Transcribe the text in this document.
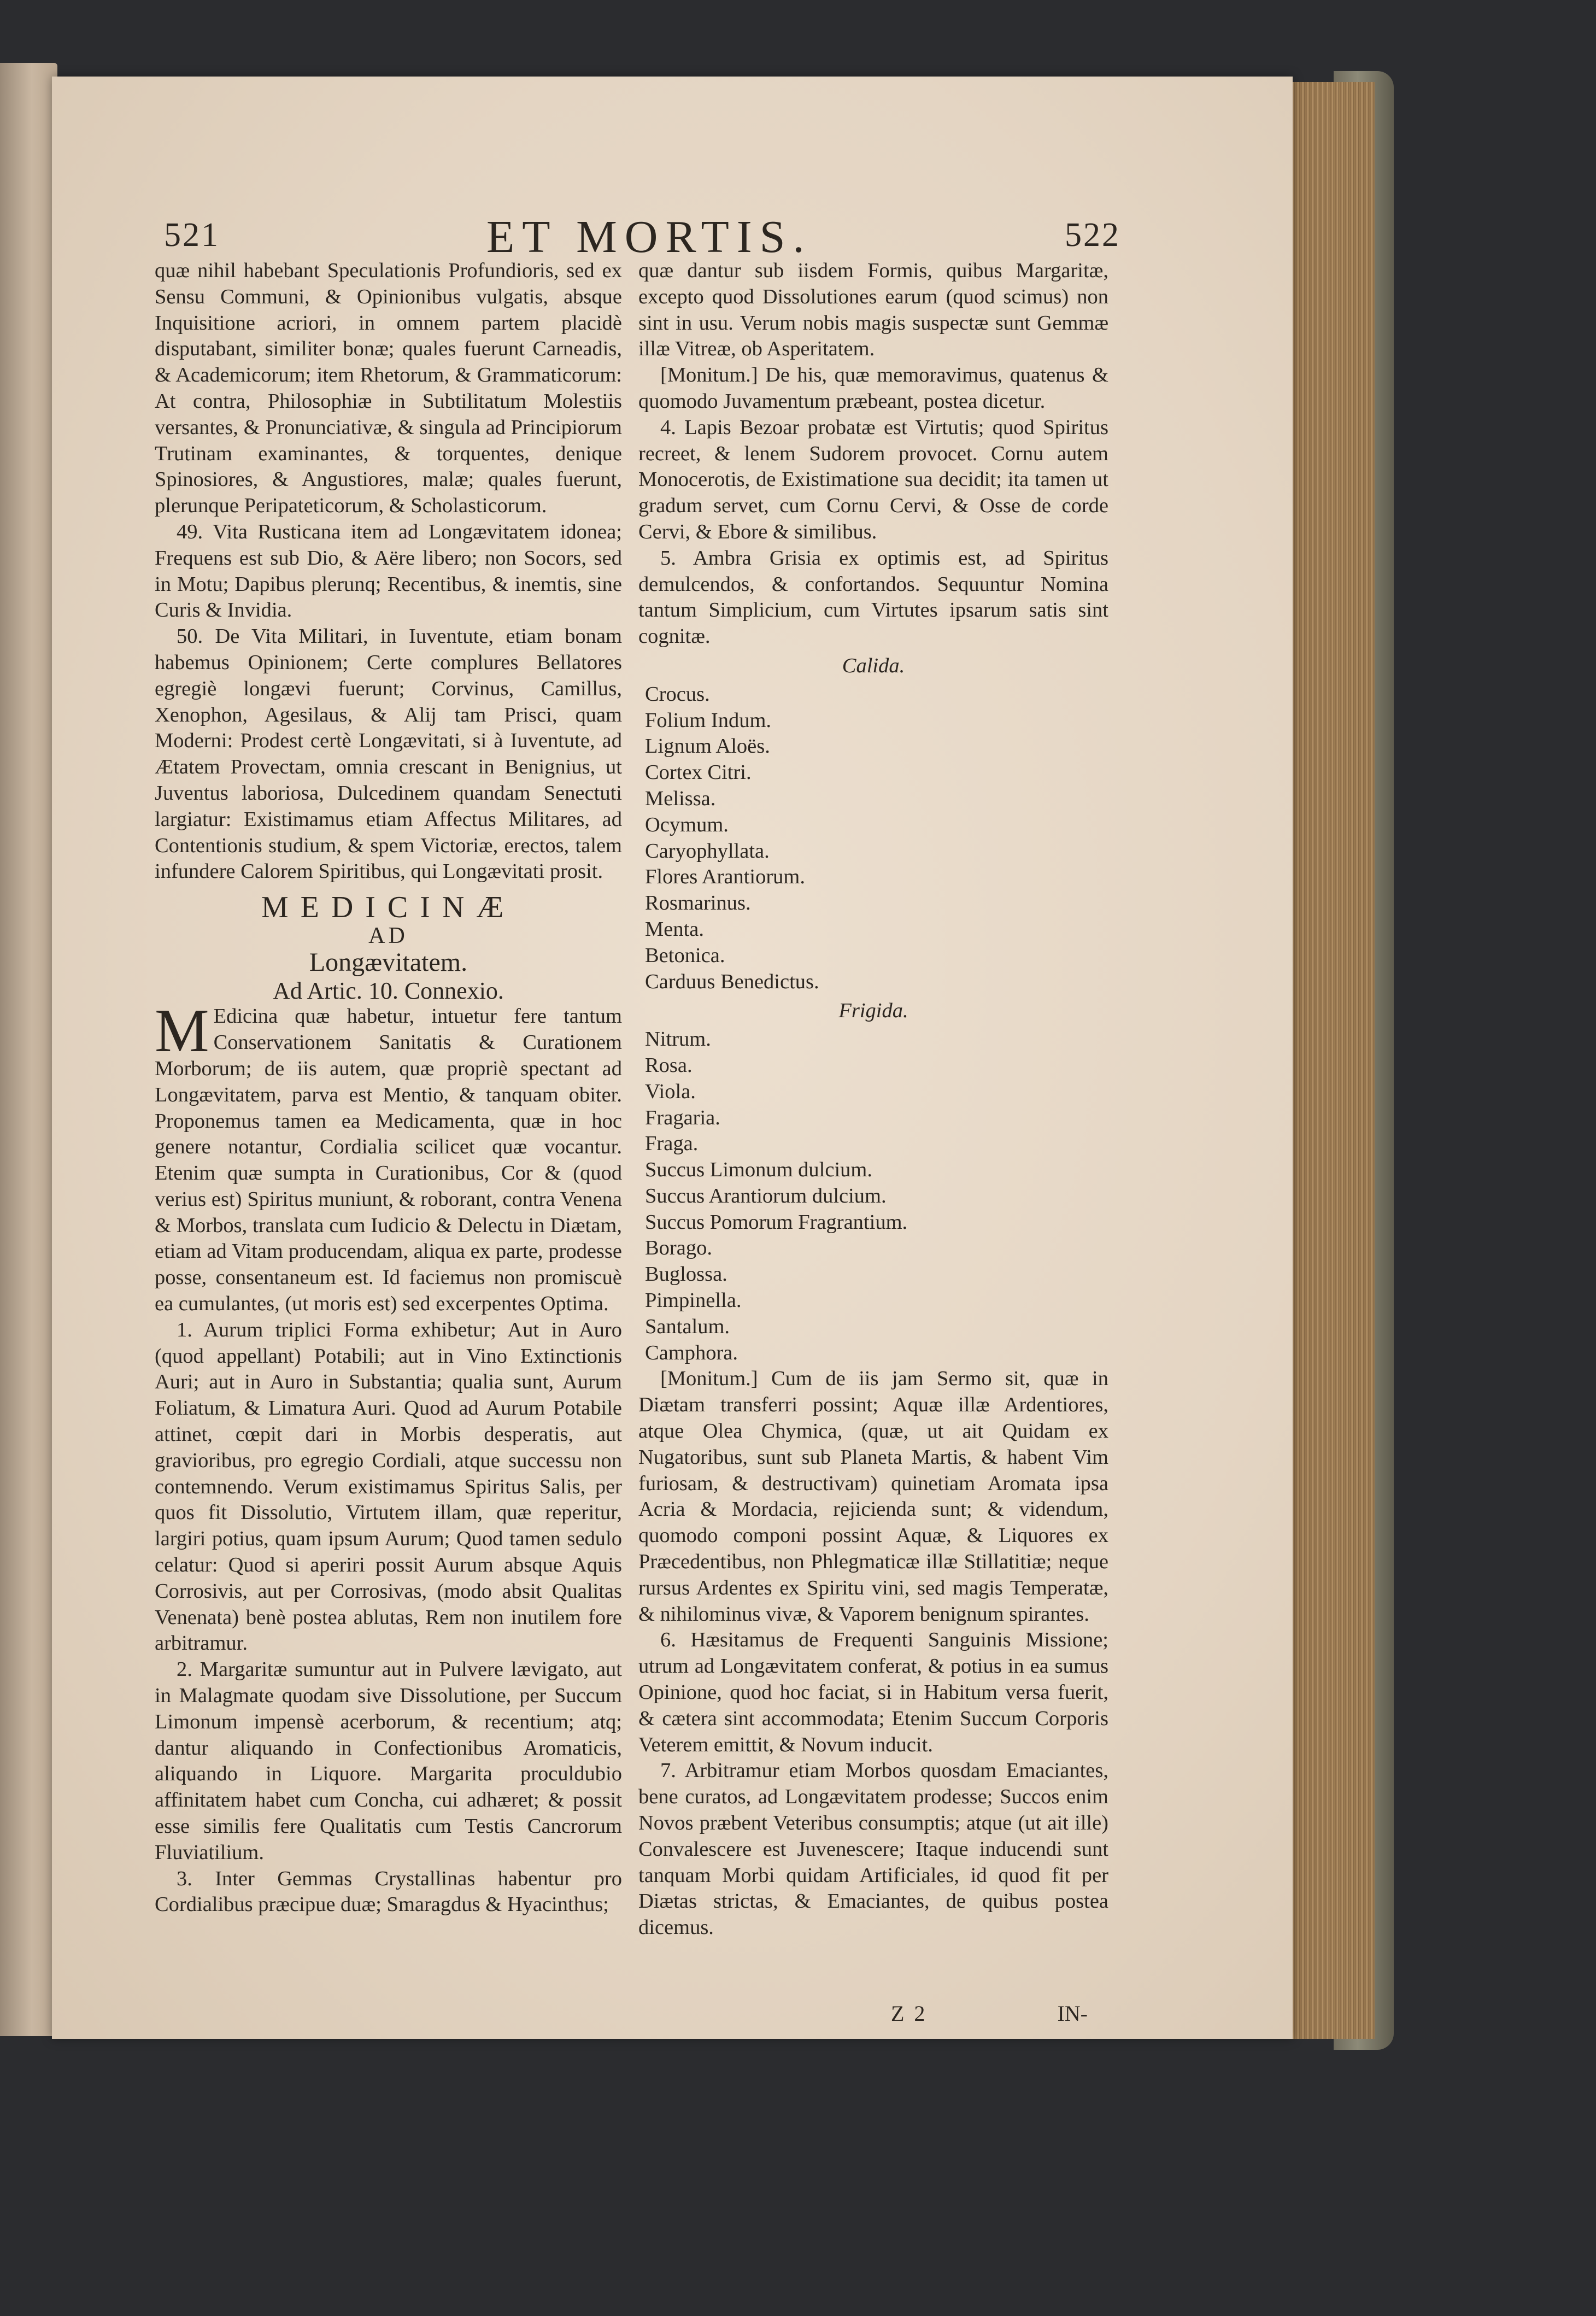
521	ET MORTIS.	522

quæ nihil habebant Speculationis Profundioris, sed ex Sensu Communi, & Opinionibus vulgatis, absque Inquisitione acriori, in omnem partem placidè disputabant, similiter bonæ; quales fuerunt Carneadis, & Academicorum; item Rhetorum, & Grammaticorum: At contra, Philosophiæ in Subtilitatum Molestiis versantes, & Pronunciativæ, & singula ad Principiorum Trutinam examinantes, & torquentes, denique Spinosiores, & Angustiores, malæ; quales fuerunt, plerunque Peripateticorum, & Scholasticorum.

49. Vita Rusticana item ad Longævitatem idonea; Frequens est sub Dio, & Aëre libero; non Socors, sed in Motu; Dapibus plerunq; Recentibus, & inemtis, sine Curis & Invidia.

50. De Vita Militari, in Iuventute, etiam bonam habemus Opinionem; Certe complures Bellatores egregiè longævi fuerunt; Corvinus, Camillus, Xenophon, Agesilaus, & Alij tam Prisci, quam Moderni: Prodest certè Longævitati, si à Iuventute, ad Ætatem Provectam, omnia crescant in Benignius, ut Juventus laboriosa, Dulcedinem quandam Senectuti largiatur: Existimamus etiam Affectus Militares, ad Contentionis studium, & spem Victoriæ, erectos, talem infundere Calorem Spiritibus, qui Longævitati prosit.

MEDICINÆ
AD
Longævitatem.
Ad Artic. 10. Connexio.

M Edicina quæ habetur, intuetur fere tantum Conservationem Sanitatis & Curationem Morborum; de iis autem, quæ propriè spectant ad Longævitatem, parva est Mentio, & tanquam obiter. Proponemus tamen ea Medicamenta, quæ in hoc genere notantur, Cordialia scilicet quæ vocantur. Etenim quæ sumpta in Curationibus, Cor & (quod verius est) Spiritus muniunt, & roborant, contra Venena & Morbos, translata cum Iudicio & Delectu in Diætam, etiam ad Vitam producendam, aliqua ex parte, prodesse posse, consentaneum est. Id faciemus non promiscuè ea cumulantes, (ut moris est) sed excerpentes Optima.

1. Aurum triplici Forma exhibetur; Aut in Auro (quod appellant) Potabili; aut in Vino Extinctionis Auri; aut in Auro in Substantia; qualia sunt, Aurum Foliatum, & Limatura Auri. Quod ad Aurum Potabile attinet, cœpit dari in Morbis desperatis, aut gravioribus, pro egregio Cordiali, atque successu non contemnendo. Verum existimamus Spiritus Salis, per quos fit Dissolutio, Virtutem illam, quæ reperitur, largiri potius, quam ipsum Aurum; Quod tamen sedulo celatur: Quod si aperiri possit Aurum absque Aquis Corrosivis, aut per Corrosivas, (modo absit Qualitas Venenata) benè postea ablutas, Rem non inutilem fore arbitramur.

2. Margaritæ sumuntur aut in Pulvere lævigato, aut in Malagmate quodam sive Dissolutione, per Succum Limonum impensè acerborum, & recentium; atq; dantur aliquando in Confectionibus Aromaticis, aliquando in Liquore. Margarita proculdubio affinitatem habet cum Concha, cui adhæret; & possit esse similis fere Qualitatis cum Testis Cancrorum Fluviatilium.

3. Inter Gemmas Crystallinas habentur pro Cordialibus præcipue duæ; Smaragdus & Hyacinthus;

quæ dantur sub iisdem Formis, quibus Margaritæ, excepto quod Dissolutiones earum (quod scimus) non sint in usu. Verum nobis magis suspectæ sunt Gemmæ illæ Vitreæ, ob Asperitatem.

[Monitum.] De his, quæ memoravimus, quatenus & quomodo Juvamentum præbeant, postea dicetur.

4. Lapis Bezoar probatæ est Virtutis; quod Spiritus recreet, & lenem Sudorem provocet. Cornu autem Monocerotis, de Existimatione sua decidit; ita tamen ut gradum servet, cum Cornu Cervi, & Osse de corde Cervi, & Ebore & similibus.

5. Ambra Grisia ex optimis est, ad Spiritus demulcendos, & confortandos. Sequuntur Nomina tantum Simplicium, cum Virtutes ipsarum satis sint cognitæ.

Calida.
Crocus.
Folium Indum.
Lignum Aloës.
Cortex Citri.
Melissa.
Ocymum.
Caryophyllata.
Flores Arantiorum.
Rosmarinus.
Menta.
Betonica.
Carduus Benedictus.
Frigida.
Nitrum.
Rosa.
Viola.
Fragaria.
Fraga.
Succus Limonum dulcium.
Succus Arantiorum dulcium.
Succus Pomorum Fragrantium.
Borago.
Buglossa.
Pimpinella.
Santalum.
Camphora.

[Monitum.] Cum de iis jam Sermo sit, quæ in Diætam transferri possint; Aquæ illæ Ardentiores, atque Olea Chymica, (quæ, ut ait Quidam ex Nugatoribus, sunt sub Planeta Martis, & habent Vim furiosam, & destructivam) quinetiam Aromata ipsa Acria & Mordacia, rejicienda sunt; & videndum, quomodo componi possint Aquæ, & Liquores ex Præcedentibus, non Phlegmaticæ illæ Stillatitiæ; neque rursus Ardentes ex Spiritu vini, sed magis Temperatæ, & nihilominus vivæ, & Vaporem benignum spirantes.

6. Hæsitamus de Frequenti Sanguinis Missione; utrum ad Longævitatem conferat, & potius in ea sumus Opinione, quod hoc faciat, si in Habitum versa fuerit, & cætera sint accommodata; Etenim Succum Corporis Veterem emittit, & Novum inducit.

7. Arbitramur etiam Morbos quosdam Emaciantes, bene curatos, ad Longævitatem prodesse; Succos enim Novos præbent Veteribus consumptis; atque (ut ait ille) Convalescere est Juvenescere; Itaque inducendi sunt tanquam Morbi quidam Artificiales, id quod fit per Diætas strictas, & Emaciantes, de quibus postea dicemus.

Z 2	IN-
